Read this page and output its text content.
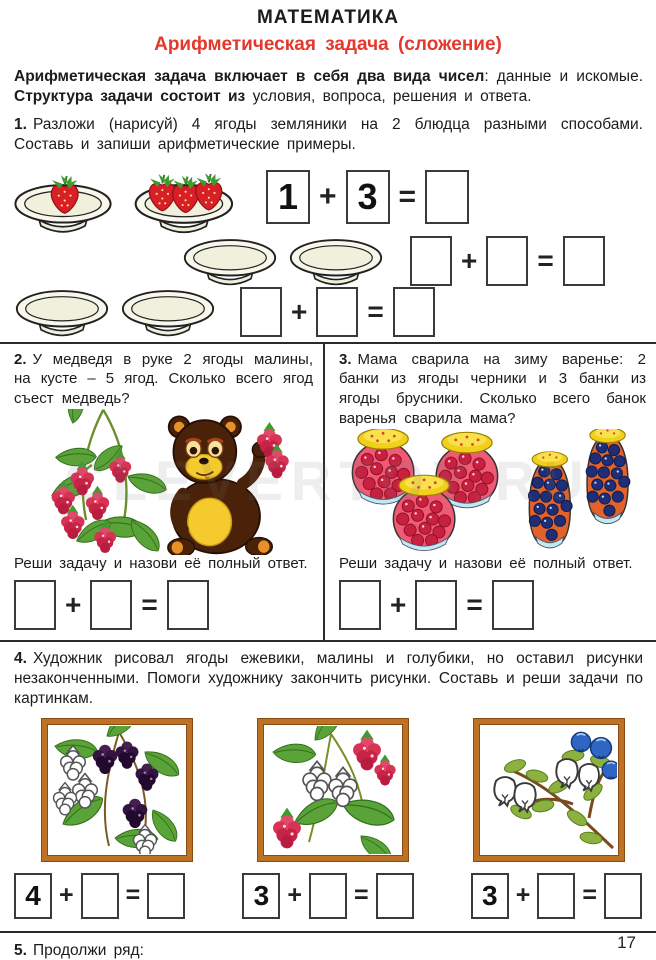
CLEVERTOY.RU
МАТЕМАТИКА
Арифметическая задача (сложение)

Арифметическая задача включает в себя два вида чисел: данные и искомые. Структура задачи состоит из условия, вопроса, решения и ответа.

1. Разложи (нарисуй) 4 ягоды земляники на 2 блюдца разными способами. Составь и запиши арифметические примеры.

1 + 3 =
+ =
+ =

2. У медведя в руке 2 ягоды малины, на кусте – 5 ягод. Сколько всего ягод съест медведь?

Реши задачу и назови её полный ответ.

+ =

3. Мама сварила на зиму варенье: 2 банки из ягоды черники и 3 банки из ягоды брусники. Сколько всего банок варенья сварила мама?

Реши задачу и назови её полный ответ.

+ =

4. Художник рисовал ягоды ежевики, малины и голубики, но оставил рисунки незаконченными. Помоги художнику закончить рисунки. Составь и реши задачи по картинкам.

4 + =	3 + =	3 + =

5. Продолжи ряд:	17
